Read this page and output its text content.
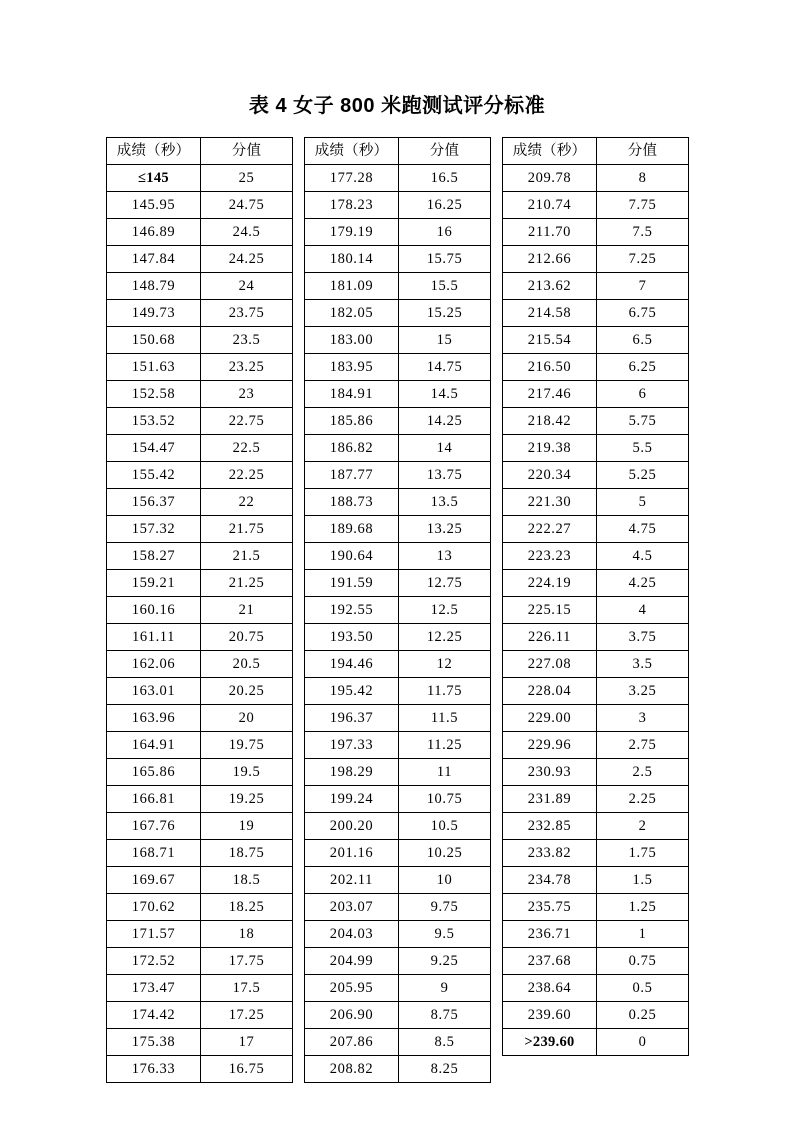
表 4 女子 800 米跑测试评分标准
成绩（秒）	分值
≤145	25
145.95	24.75
146.89	24.5
147.84	24.25
148.79	24
149.73	23.75
150.68	23.5
151.63	23.25
152.58	23
153.52	22.75
154.47	22.5
155.42	22.25
156.37	22
157.32	21.75
158.27	21.5
159.21	21.25
160.16	21
161.11	20.75
162.06	20.5
163.01	20.25
163.96	20
164.91	19.75
165.86	19.5
166.81	19.25
167.76	19
168.71	18.75
169.67	18.5
170.62	18.25
171.57	18
172.52	17.75
173.47	17.5
174.42	17.25
175.38	17
176.33	16.75
成绩（秒）	分值
177.28	16.5
178.23	16.25
179.19	16
180.14	15.75
181.09	15.5
182.05	15.25
183.00	15
183.95	14.75
184.91	14.5
185.86	14.25
186.82	14
187.77	13.75
188.73	13.5
189.68	13.25
190.64	13
191.59	12.75
192.55	12.5
193.50	12.25
194.46	12
195.42	11.75
196.37	11.5
197.33	11.25
198.29	11
199.24	10.75
200.20	10.5
201.16	10.25
202.11	10
203.07	9.75
204.03	9.5
204.99	9.25
205.95	9
206.90	8.75
207.86	8.5
208.82	8.25
成绩（秒）	分值
209.78	8
210.74	7.75
211.70	7.5
212.66	7.25
213.62	7
214.58	6.75
215.54	6.5
216.50	6.25
217.46	6
218.42	5.75
219.38	5.5
220.34	5.25
221.30	5
222.27	4.75
223.23	4.5
224.19	4.25
225.15	4
226.11	3.75
227.08	3.5
228.04	3.25
229.00	3
229.96	2.75
230.93	2.5
231.89	2.25
232.85	2
233.82	1.75
234.78	1.5
235.75	1.25
236.71	1
237.68	0.75
238.64	0.5
239.60	0.25
>239.60	0
